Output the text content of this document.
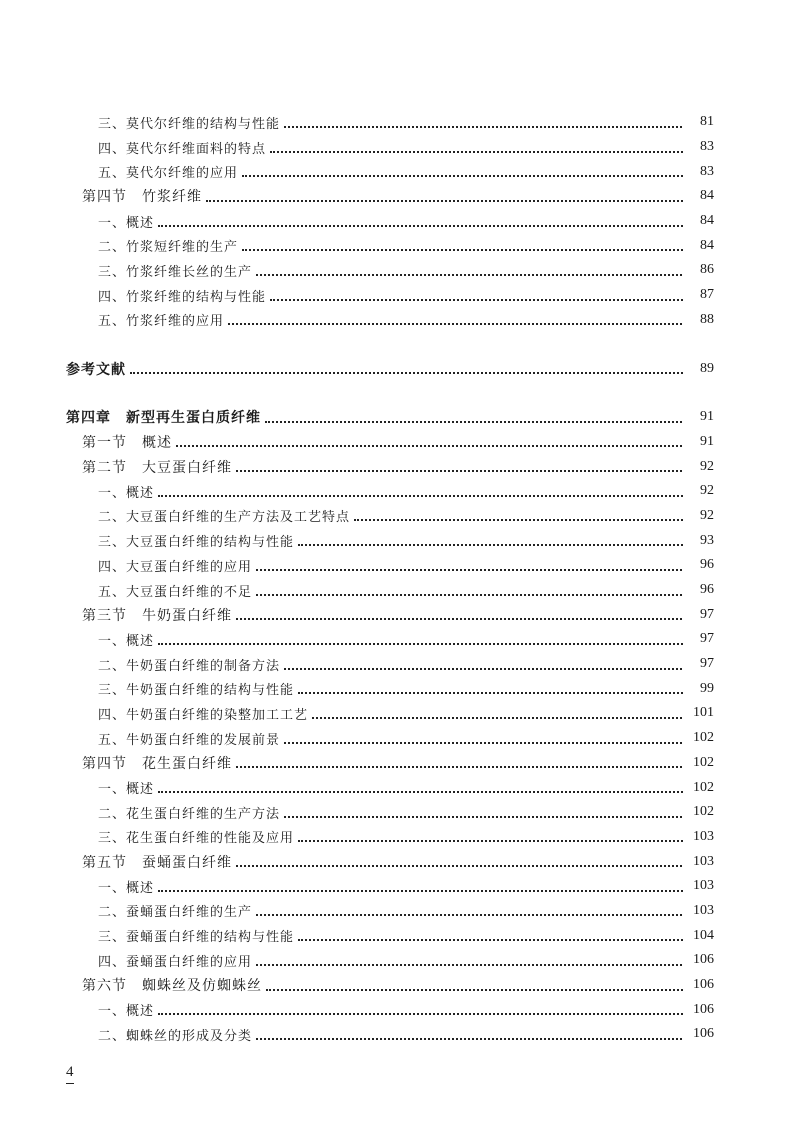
三、莫代尔纤维的结构与性能	81
四、莫代尔纤维面料的特点	83
五、莫代尔纤维的应用	83
第四节　竹浆纤维	84
一、概述	84
二、竹浆短纤维的生产	84
三、竹浆纤维长丝的生产	86
四、竹浆纤维的结构与性能	87
五、竹浆纤维的应用	88
参考文献	89
第四章　新型再生蛋白质纤维	91
第一节　概述	91
第二节　大豆蛋白纤维	92
一、概述	92
二、大豆蛋白纤维的生产方法及工艺特点	92
三、大豆蛋白纤维的结构与性能	93
四、大豆蛋白纤维的应用	96
五、大豆蛋白纤维的不足	96
第三节　牛奶蛋白纤维	97
一、概述	97
二、牛奶蛋白纤维的制备方法	97
三、牛奶蛋白纤维的结构与性能	99
四、牛奶蛋白纤维的染整加工工艺	101
五、牛奶蛋白纤维的发展前景	102
第四节　花生蛋白纤维	102
一、概述	102
二、花生蛋白纤维的生产方法	102
三、花生蛋白纤维的性能及应用	103
第五节　蚕蛹蛋白纤维	103
一、概述	103
二、蚕蛹蛋白纤维的生产	103
三、蚕蛹蛋白纤维的结构与性能	104
四、蚕蛹蛋白纤维的应用	106
第六节　蜘蛛丝及仿蜘蛛丝	106
一、概述	106
二、蜘蛛丝的形成及分类	106
4
